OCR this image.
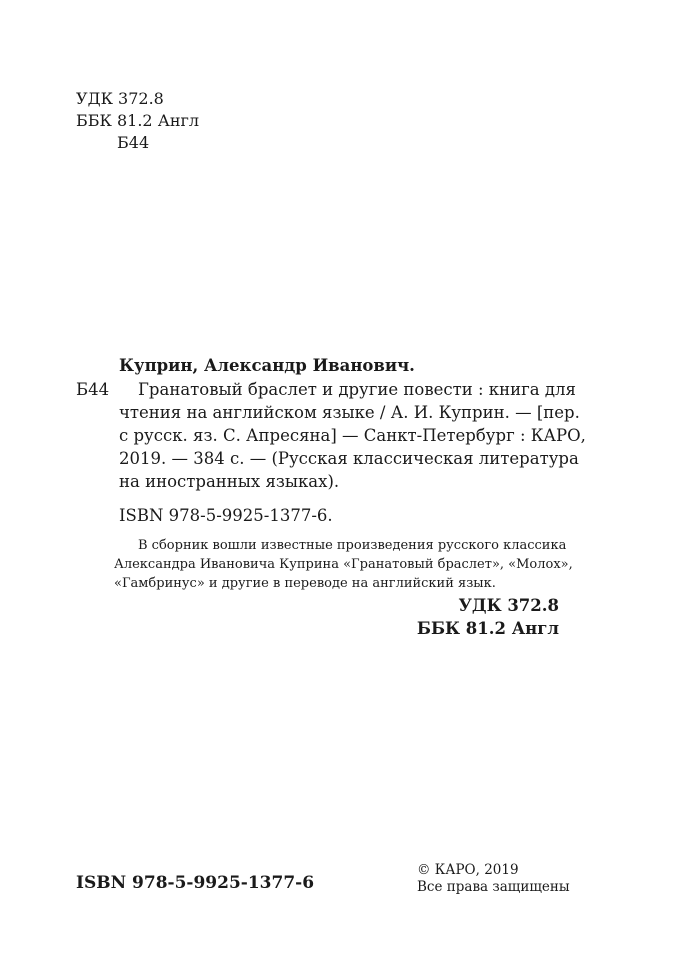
УДК 372.8
ББК 81.2 Англ
Б44
Куприн, Александр Иванович.
Б44 Гранатовый браслет и другие повести : книга для
чтения на английском языке / А. И. Куприн. — [пер.
с русск. яз. С. Апресяна] — Санкт-Петербург : КАРО,
2019. — 384 с. — (Русская классическая литература
на иностранных языках).
ISBN 978-5-9925-1377-6.
В сборник вошли известные произведения русского классика
Александра Ивановича Куприна «Гранатовый браслет», «Молох»,
«Гамбринус» и другие в переводе на английский язык.
УДК 372.8
ББК 81.2 Англ
ISBN 978-5-9925-1377-6
© КАРО, 2019
Все права защищены
